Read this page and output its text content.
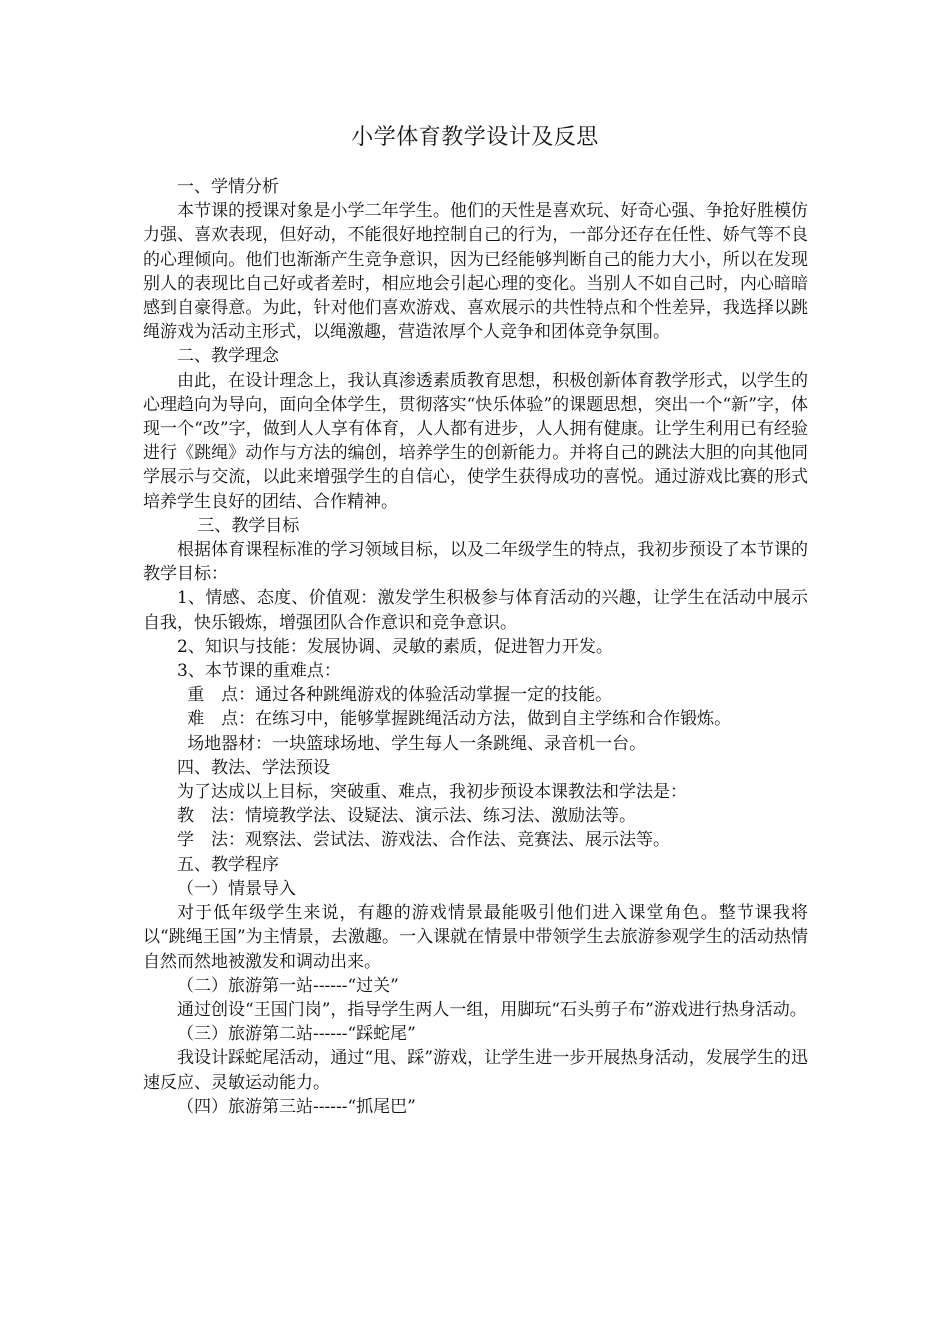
小学体育教学设计及反思

一、学情分析

本节课的授课对象是小学二年学生。他们的天性是喜欢玩、好奇心强、争抢好胜模仿力强、喜欢表现，但好动，不能很好地控制自己的行为，一部分还存在任性、娇气等不良的心理倾向。他们也渐渐产生竞争意识，因为已经能够判断自己的能力大小，所以在发现别人的表现比自己好或者差时，相应地会引起心理的变化。当别人不如自己时，内心暗暗感到自豪得意。为此，针对他们喜欢游戏、喜欢展示的共性特点和个性差异，我选择以跳绳游戏为活动主形式，以绳激趣，营造浓厚个人竞争和团体竞争氛围。

二、教学理念

由此，在设计理念上，我认真渗透素质教育思想，积极创新体育教学形式，以学生的心理趋向为导向，面向全体学生，贯彻落实“快乐体验”的课题思想，突出一个“新”字，体现一个“改”字，做到人人享有体育，人人都有进步，人人拥有健康。让学生利用已有经验进行《跳绳》动作与方法的编创，培养学生的创新能力。并将自己的跳法大胆的向其他同学展示与交流，以此来增强学生的自信心，使学生获得成功的喜悦。通过游戏比赛的形式培养学生良好的团结、合作精神。

三、教学目标

根据体育课程标准的学习领域目标，以及二年级学生的特点，我初步预设了本节课的教学目标：

1、情感、态度、价值观：激发学生积极参与体育活动的兴趣，让学生在活动中展示自我，快乐锻炼，增强团队合作意识和竞争意识。

2、知识与技能：发展协调、灵敏的素质，促进智力开发。

3、本节课的重难点：

重　点：通过各种跳绳游戏的体验活动掌握一定的技能。

难　点：在练习中，能够掌握跳绳活动方法，做到自主学练和合作锻炼。

场地器材：一块篮球场地、学生每人一条跳绳、录音机一台。

四、教法、学法预设

为了达成以上目标，突破重、难点，我初步预设本课教法和学法是：

教　法：情境教学法、设疑法、演示法、练习法、激励法等。

学　法：观察法、尝试法、游戏法、合作法、竞赛法、展示法等。

五、教学程序

（一）情景导入

对于低年级学生来说，有趣的游戏情景最能吸引他们进入课堂角色。整节课我将以“跳绳王国”为主情景，去激趣。一入课就在情景中带领学生去旅游参观学生的活动热情自然而然地被激发和调动出来。

（二）旅游第一站------“过关”

通过创设“王国门岗”，指导学生两人一组，用脚玩“石头剪子布”游戏进行热身活动。

（三）旅游第二站------“踩蛇尾”

我设计踩蛇尾活动，通过“甩、踩”游戏，让学生进一步开展热身活动，发展学生的迅速反应、灵敏运动能力。

（四）旅游第三站------“抓尾巴”
